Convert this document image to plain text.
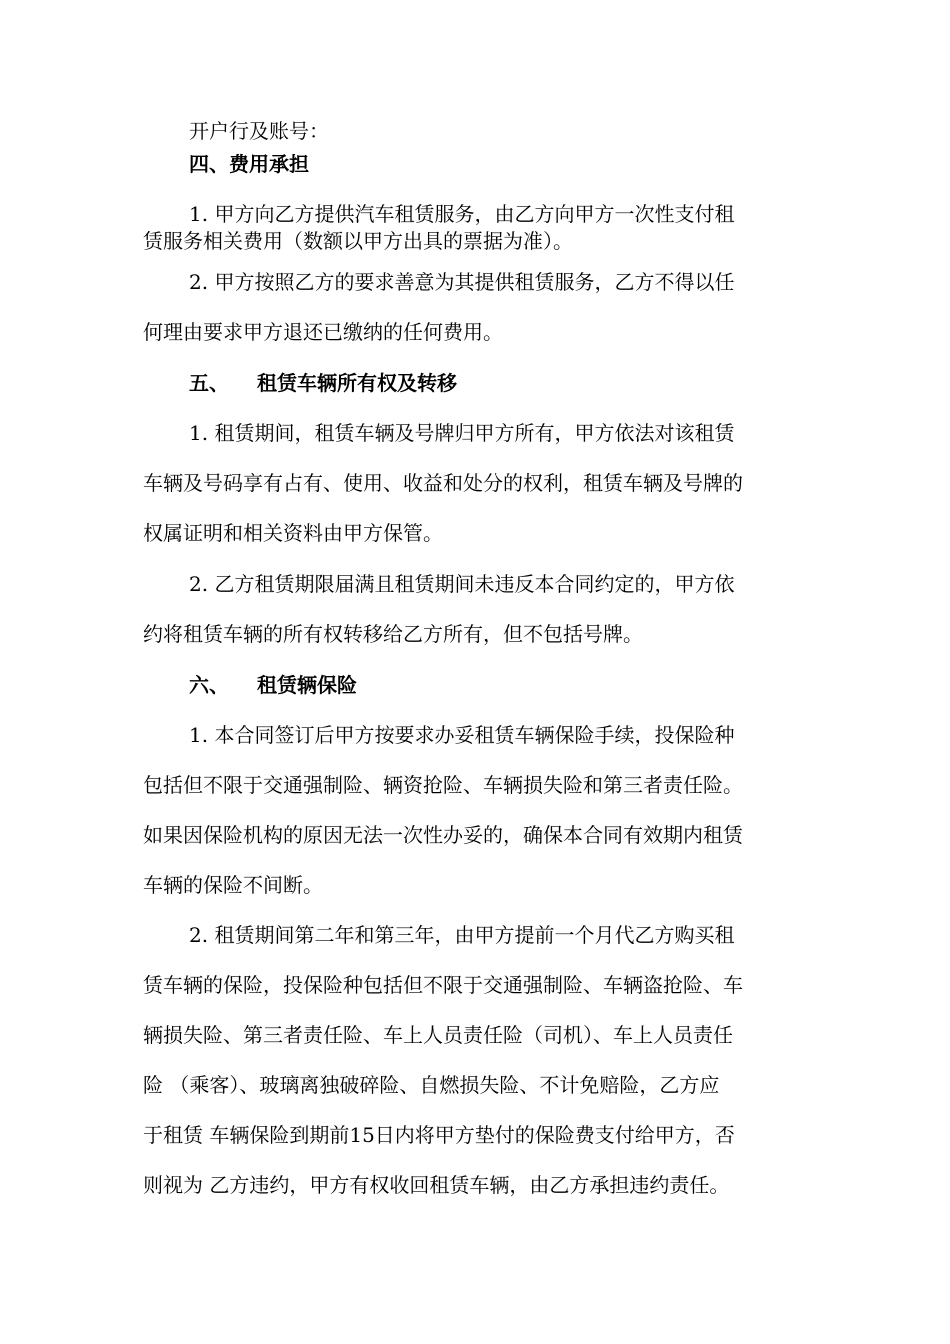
开户行及账号：
四、费用承担
1. 甲方向乙方提供汽车租赁服务，由乙方向甲方一次性支付租
赁服务相关费用（数额以甲方出具的票据为准）。
2. 甲方按照乙方的要求善意为其提供租赁服务，乙方不得以任
何理由要求甲方退还已缴纳的任何费用。
五、 租赁车辆所有权及转移
1. 租赁期间，租赁车辆及号牌归甲方所有，甲方依法对该租赁
车辆及号码享有占有、使用、收益和处分的权利，租赁车辆及号牌的
权属证明和相关资料由甲方保管。
2. 乙方租赁期限届满且租赁期间未违反本合同约定的，甲方依
约将租赁车辆的所有权转移给乙方所有，但不包括号牌。
六、 租赁辆保险
1. 本合同签订后甲方按要求办妥租赁车辆保险手续，投保险种
包括但不限于交通强制险、辆资抢险、车辆损失险和第三者责任险。
如果因保险机构的原因无法一次性办妥的，确保本合同有效期内租赁
车辆的保险不间断。
2. 租赁期间第二年和第三年，由甲方提前一个月代乙方购买租
赁车辆的保险，投保险种包括但不限于交通强制险、车辆盗抢险、车
辆损失险、第三者责任险、车上人员责任险（司机）、车上人员责任
险 （乘客）、玻璃离独破碎险、自燃损失险、不计免赔险，乙方应
于租赁 车辆保险到期前15日内将甲方垫付的保险费支付给甲方，否
则视为 乙方违约，甲方有权收回租赁车辆，由乙方承担违约责任。
